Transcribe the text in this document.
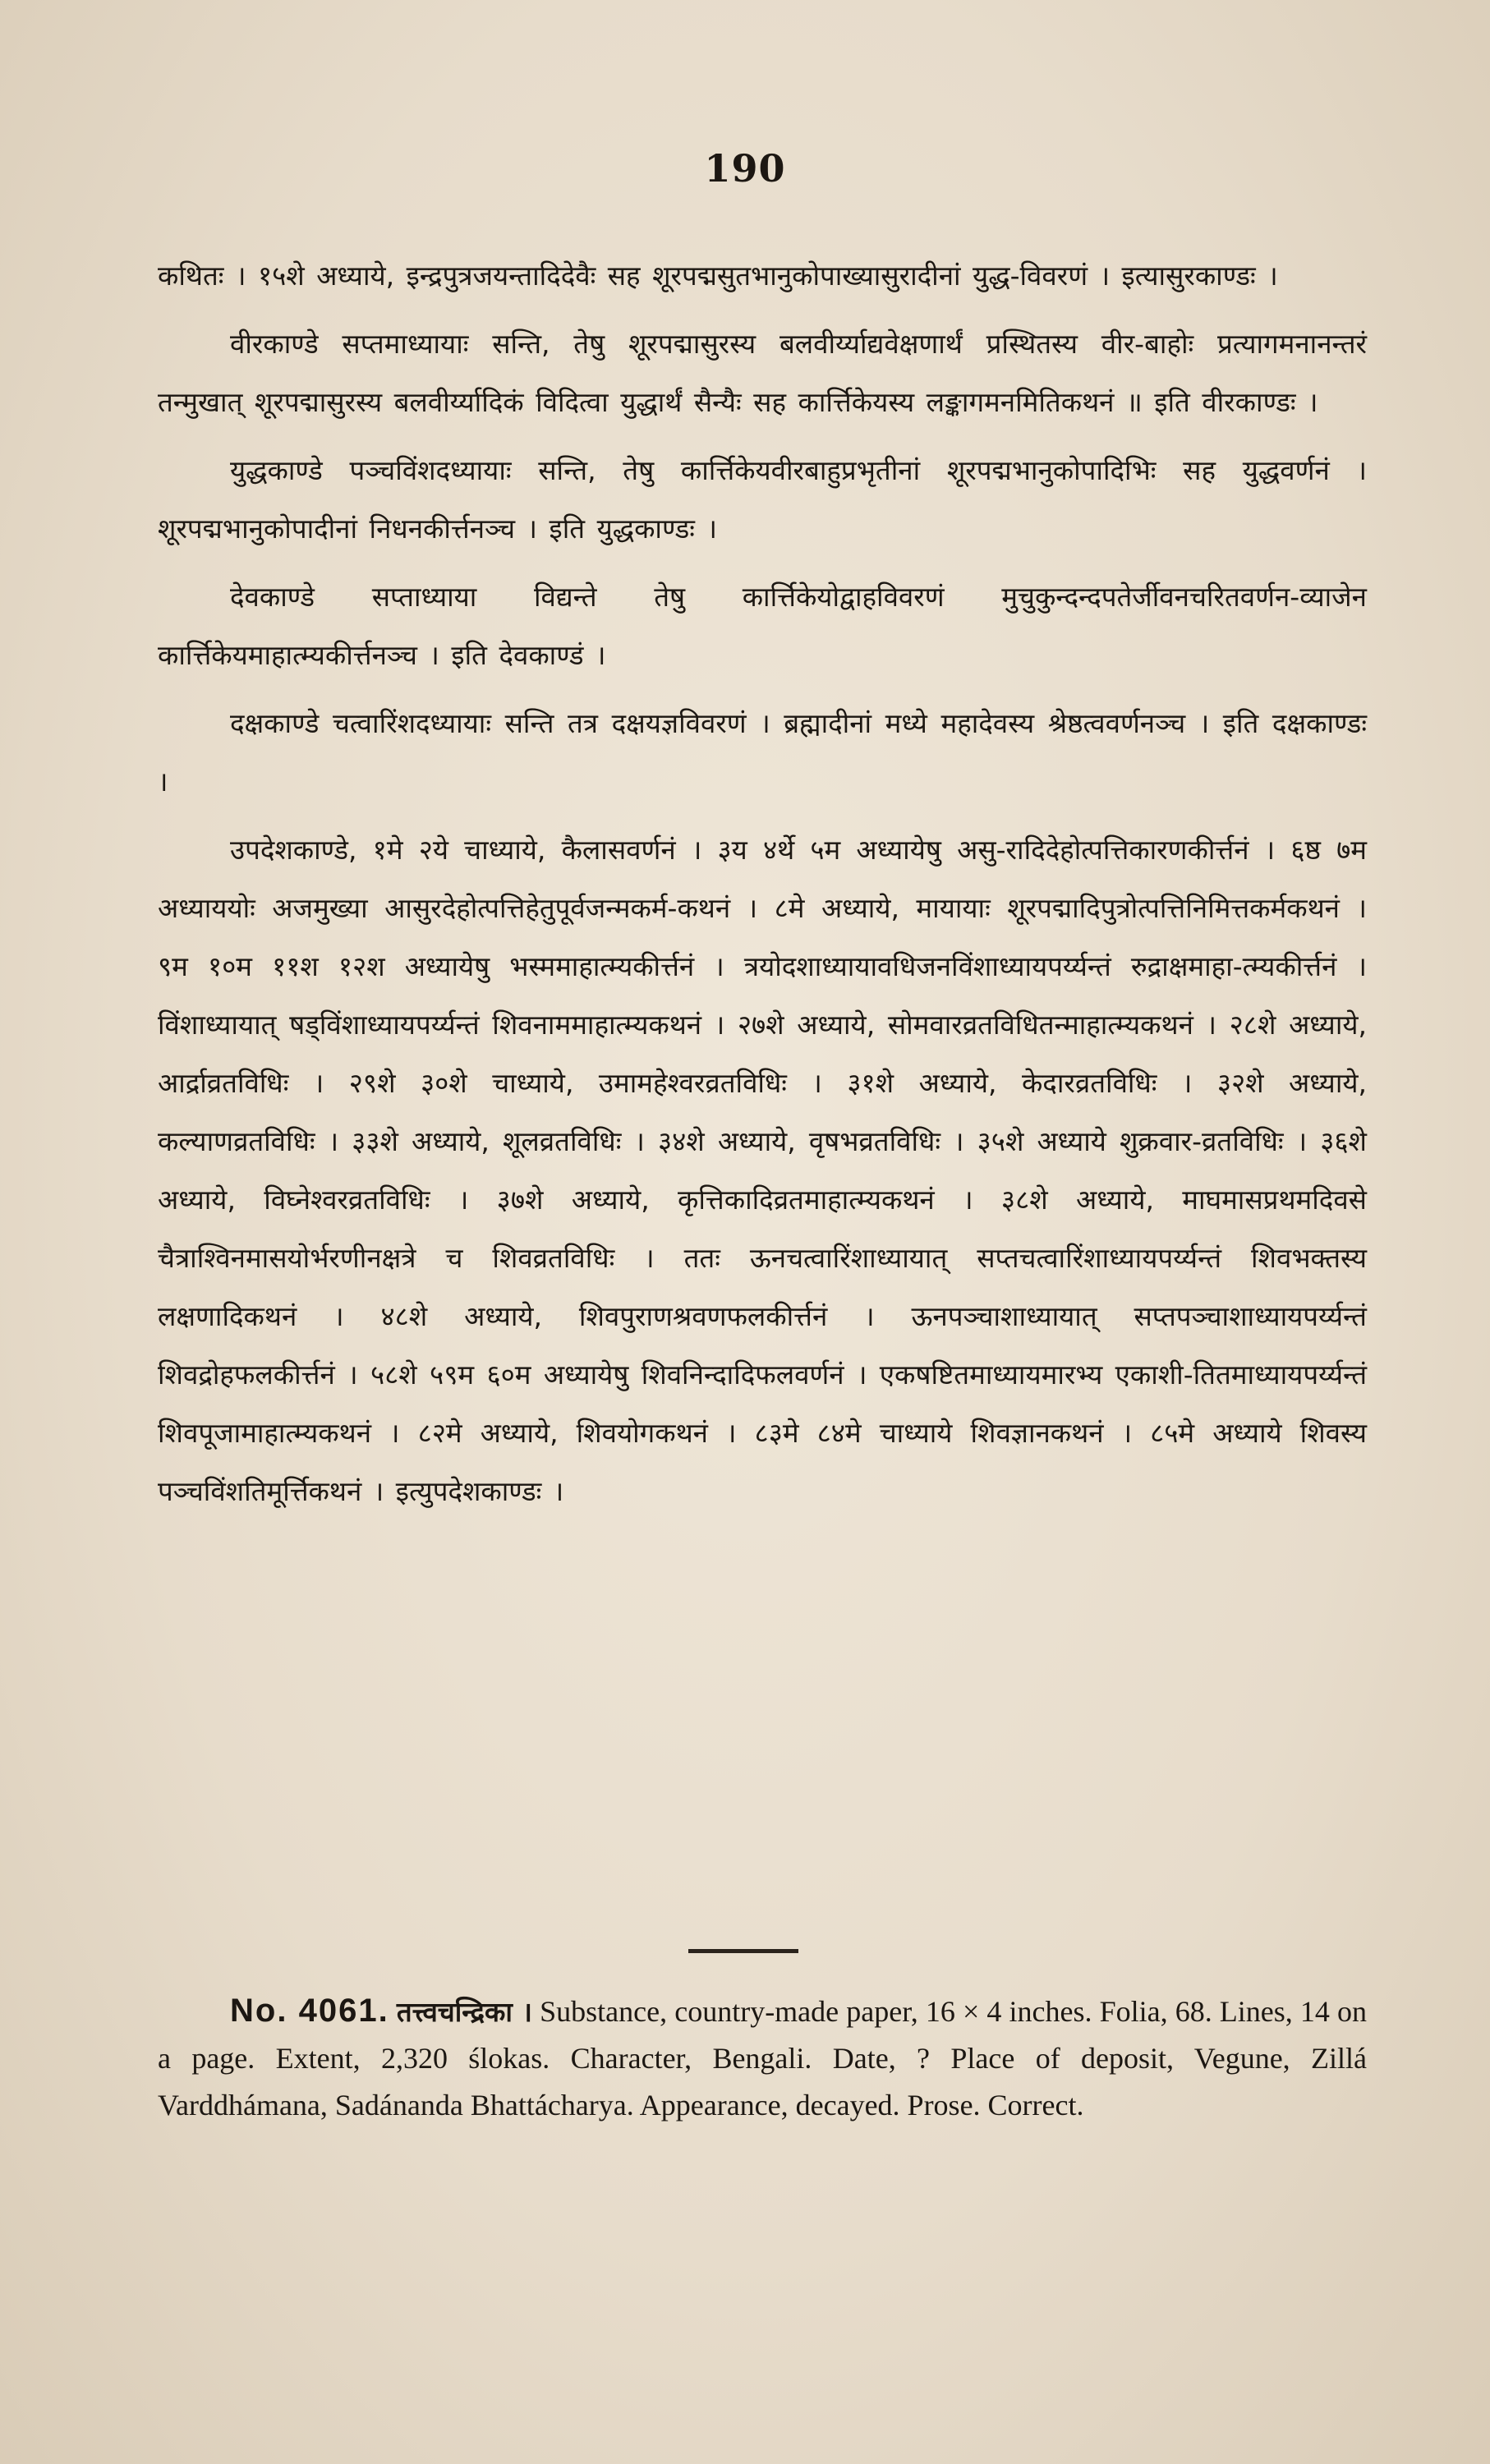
190

कथितः । १५शे अध्याये, इन्द्रपुत्रजयन्तादिदेवैः सह शूरपद्मसुतभानुकोपाख्यासुरादीनां युद्ध-विवरणं । इत्यासुरकाण्डः ।

वीरकाण्डे सप्तमाध्यायाः सन्ति, तेषु शूरपद्मासुरस्य बलवीर्य्याद्यवेक्षणार्थं प्रस्थितस्य वीर-बाहोः प्रत्यागमनानन्तरं तन्मुखात् शूरपद्मासुरस्य बलवीर्य्यादिकं विदित्वा युद्धार्थं सैन्यैः सह कार्त्तिकेयस्य लङ्कागमनमितिकथनं ॥ इति वीरकाण्डः ।

युद्धकाण्डे पञ्चविंशदध्यायाः सन्ति, तेषु कार्त्तिकेयवीरबाहुप्रभृतीनां शूरपद्मभानुकोपादिभिः सह युद्धवर्णनं । शूरपद्मभानुकोपादीनां निधनकीर्त्तनञ्च । इति युद्धकाण्डः ।

देवकाण्डे सप्ताध्याया विद्यन्ते तेषु कार्त्तिकेयोद्वाहविवरणं मुचुकुन्दन्दपतेर्जीवनचरितवर्णन-व्याजेन कार्त्तिकेयमाहात्म्यकीर्त्तनञ्च । इति देवकाण्डं ।

दक्षकाण्डे चत्वारिंशदध्यायाः सन्ति तत्र दक्षयज्ञविवरणं । ब्रह्मादीनां मध्ये महादेवस्य श्रेष्ठत्ववर्णनञ्च । इति दक्षकाण्डः ।

उपदेशकाण्डे, १मे २ये चाध्याये, कैलासवर्णनं । ३य ४र्थे ५म अध्यायेषु असु-रादिदेहोत्पत्तिकारणकीर्त्तनं । ६ष्ठ ७म अध्याययोः अजमुख्या आसुरदेहोत्पत्तिहेतुपूर्वजन्मकर्म-कथनं । ८मे अध्याये, मायायाः शूरपद्मादिपुत्रोत्पत्तिनिमित्तकर्मकथनं । ९म १०म ११श १२श अध्यायेषु भस्ममाहात्म्यकीर्त्तनं । त्रयोदशाध्यायावधिजनविंशाध्यायपर्य्यन्तं रुद्राक्षमाहा-त्म्यकीर्त्तनं । विंशाध्यायात् षड्विंशाध्यायपर्य्यन्तं शिवनाममाहात्म्यकथनं । २७शे अध्याये, सोमवारव्रतविधितन्माहात्म्यकथनं । २८शे अध्याये, आर्द्राव्रतविधिः । २९शे ३०शे चाध्याये, उमामहेश्वरव्रतविधिः । ३१शे अध्याये, केदारव्रतविधिः । ३२शे अध्याये, कल्याणव्रतविधिः । ३३शे अध्याये, शूलव्रतविधिः । ३४शे अध्याये, वृषभव्रतविधिः । ३५शे अध्याये शुक्रवार-व्रतविधिः । ३६शे अध्याये, विघ्नेश्वरव्रतविधिः । ३७शे अध्याये, कृत्तिकादिव्रतमाहात्म्यकथनं । ३८शे अध्याये, माघमासप्रथमदिवसे चैत्राश्विनमासयोर्भरणीनक्षत्रे च शिवव्रतविधिः । ततः ऊनचत्वारिंशाध्यायात् सप्तचत्वारिंशाध्यायपर्य्यन्तं शिवभक्तस्य लक्षणादिकथनं । ४८शे अध्याये, शिवपुराणश्रवणफलकीर्त्तनं । ऊनपञ्चाशाध्यायात् सप्तपञ्चाशाध्यायपर्य्यन्तं शिवद्रोहफलकीर्त्तनं । ५८शे ५९म ६०म अध्यायेषु शिवनिन्दादिफलवर्णनं । एकषष्टितमाध्यायमारभ्य एकाशी-तितमाध्यायपर्य्यन्तं शिवपूजामाहात्म्यकथनं । ८२मे अध्याये, शिवयोगकथनं । ८३मे ८४मे चाध्याये शिवज्ञानकथनं । ८५मे अध्याये शिवस्य पञ्चविंशतिमूर्त्तिकथनं । इत्युपदेशकाण्डः ।

No. 4061. तत्त्वचन्द्रिका । Substance, country-made paper, 16 × 4 inches. Folia, 68. Lines, 14 on a page. Extent, 2,320 ślokas. Character, Bengali. Date, ? Place of deposit, Vegune, Zillá Varddhámana, Sadánanda Bhattácharya. Appearance, decayed. Prose. Correct.
